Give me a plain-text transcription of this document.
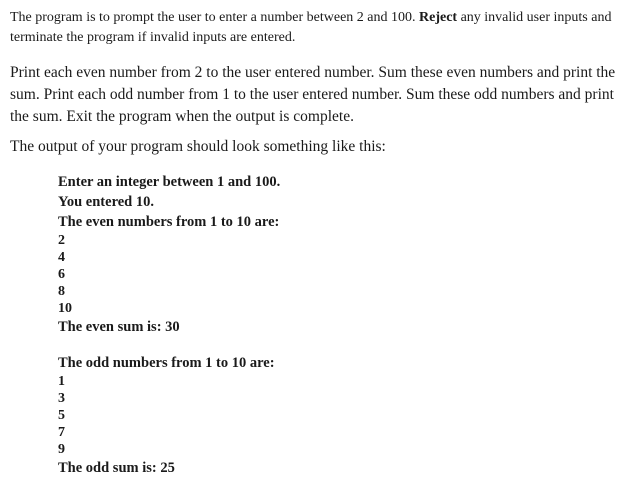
The program is to prompt the user to enter a number between 2 and 100. Reject any invalid user inputs and terminate the program if invalid inputs are entered.

Print each even number from 2 to the user entered number. Sum these even numbers and print the sum. Print each odd number from 1 to the user entered number. Sum these odd numbers and print the sum. Exit the program when the output is complete.

The output of your program should look something like this:

Enter an integer between 1 and 100.
You entered 10.
The even numbers from 1 to 10 are:
2
4
6
8
10
The even sum is: 30
The odd numbers from 1 to 10 are:
1
3
5
7
9
The odd sum is: 25
